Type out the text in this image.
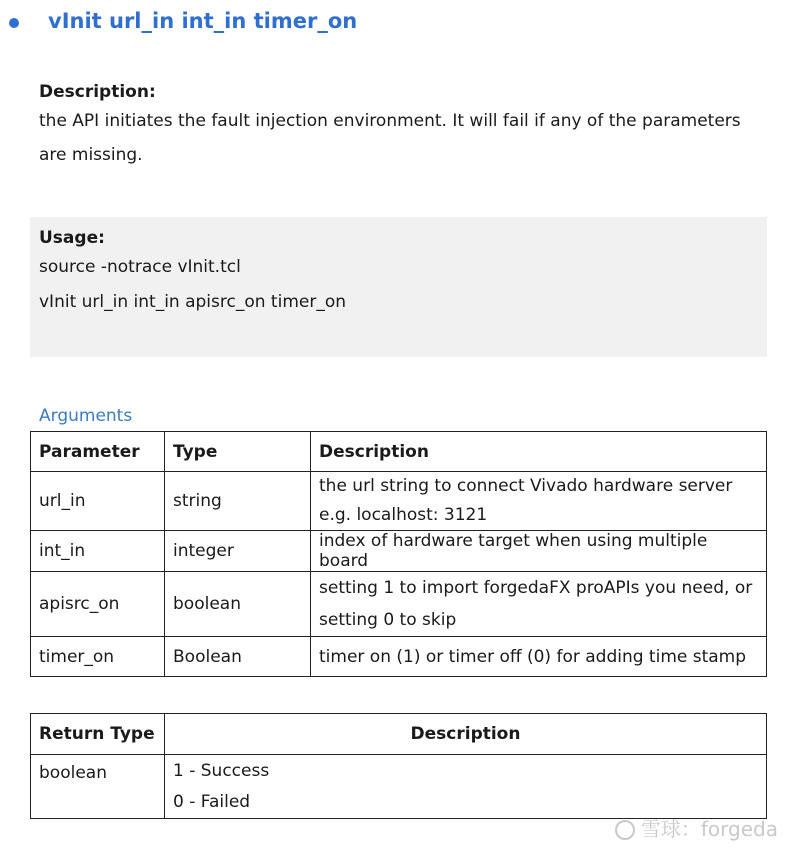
vInit url_in int_in timer_on
Description:
the API initiates the fault injection environment. It will fail if any of the parameters are missing.
Usage:
source -notrace vInit.tcl
vInit url_in int_in apisrc_on timer_on
Arguments
Parameter	Type	Description
url_in	string	the url string to connect Vivado hardware server
e.g. localhost: 3121

int_in	integer	index of hardware target when using multiple board

apisrc_on	boolean	setting 1 to import forgedaFX proAPIs you need, or
setting 0 to skip

timer_on	Boolean	timer on (1) or timer off (0) for adding time stamp
Return Type	Description
boolean	1 - Success
0 - Failed
雪球：forgeda
